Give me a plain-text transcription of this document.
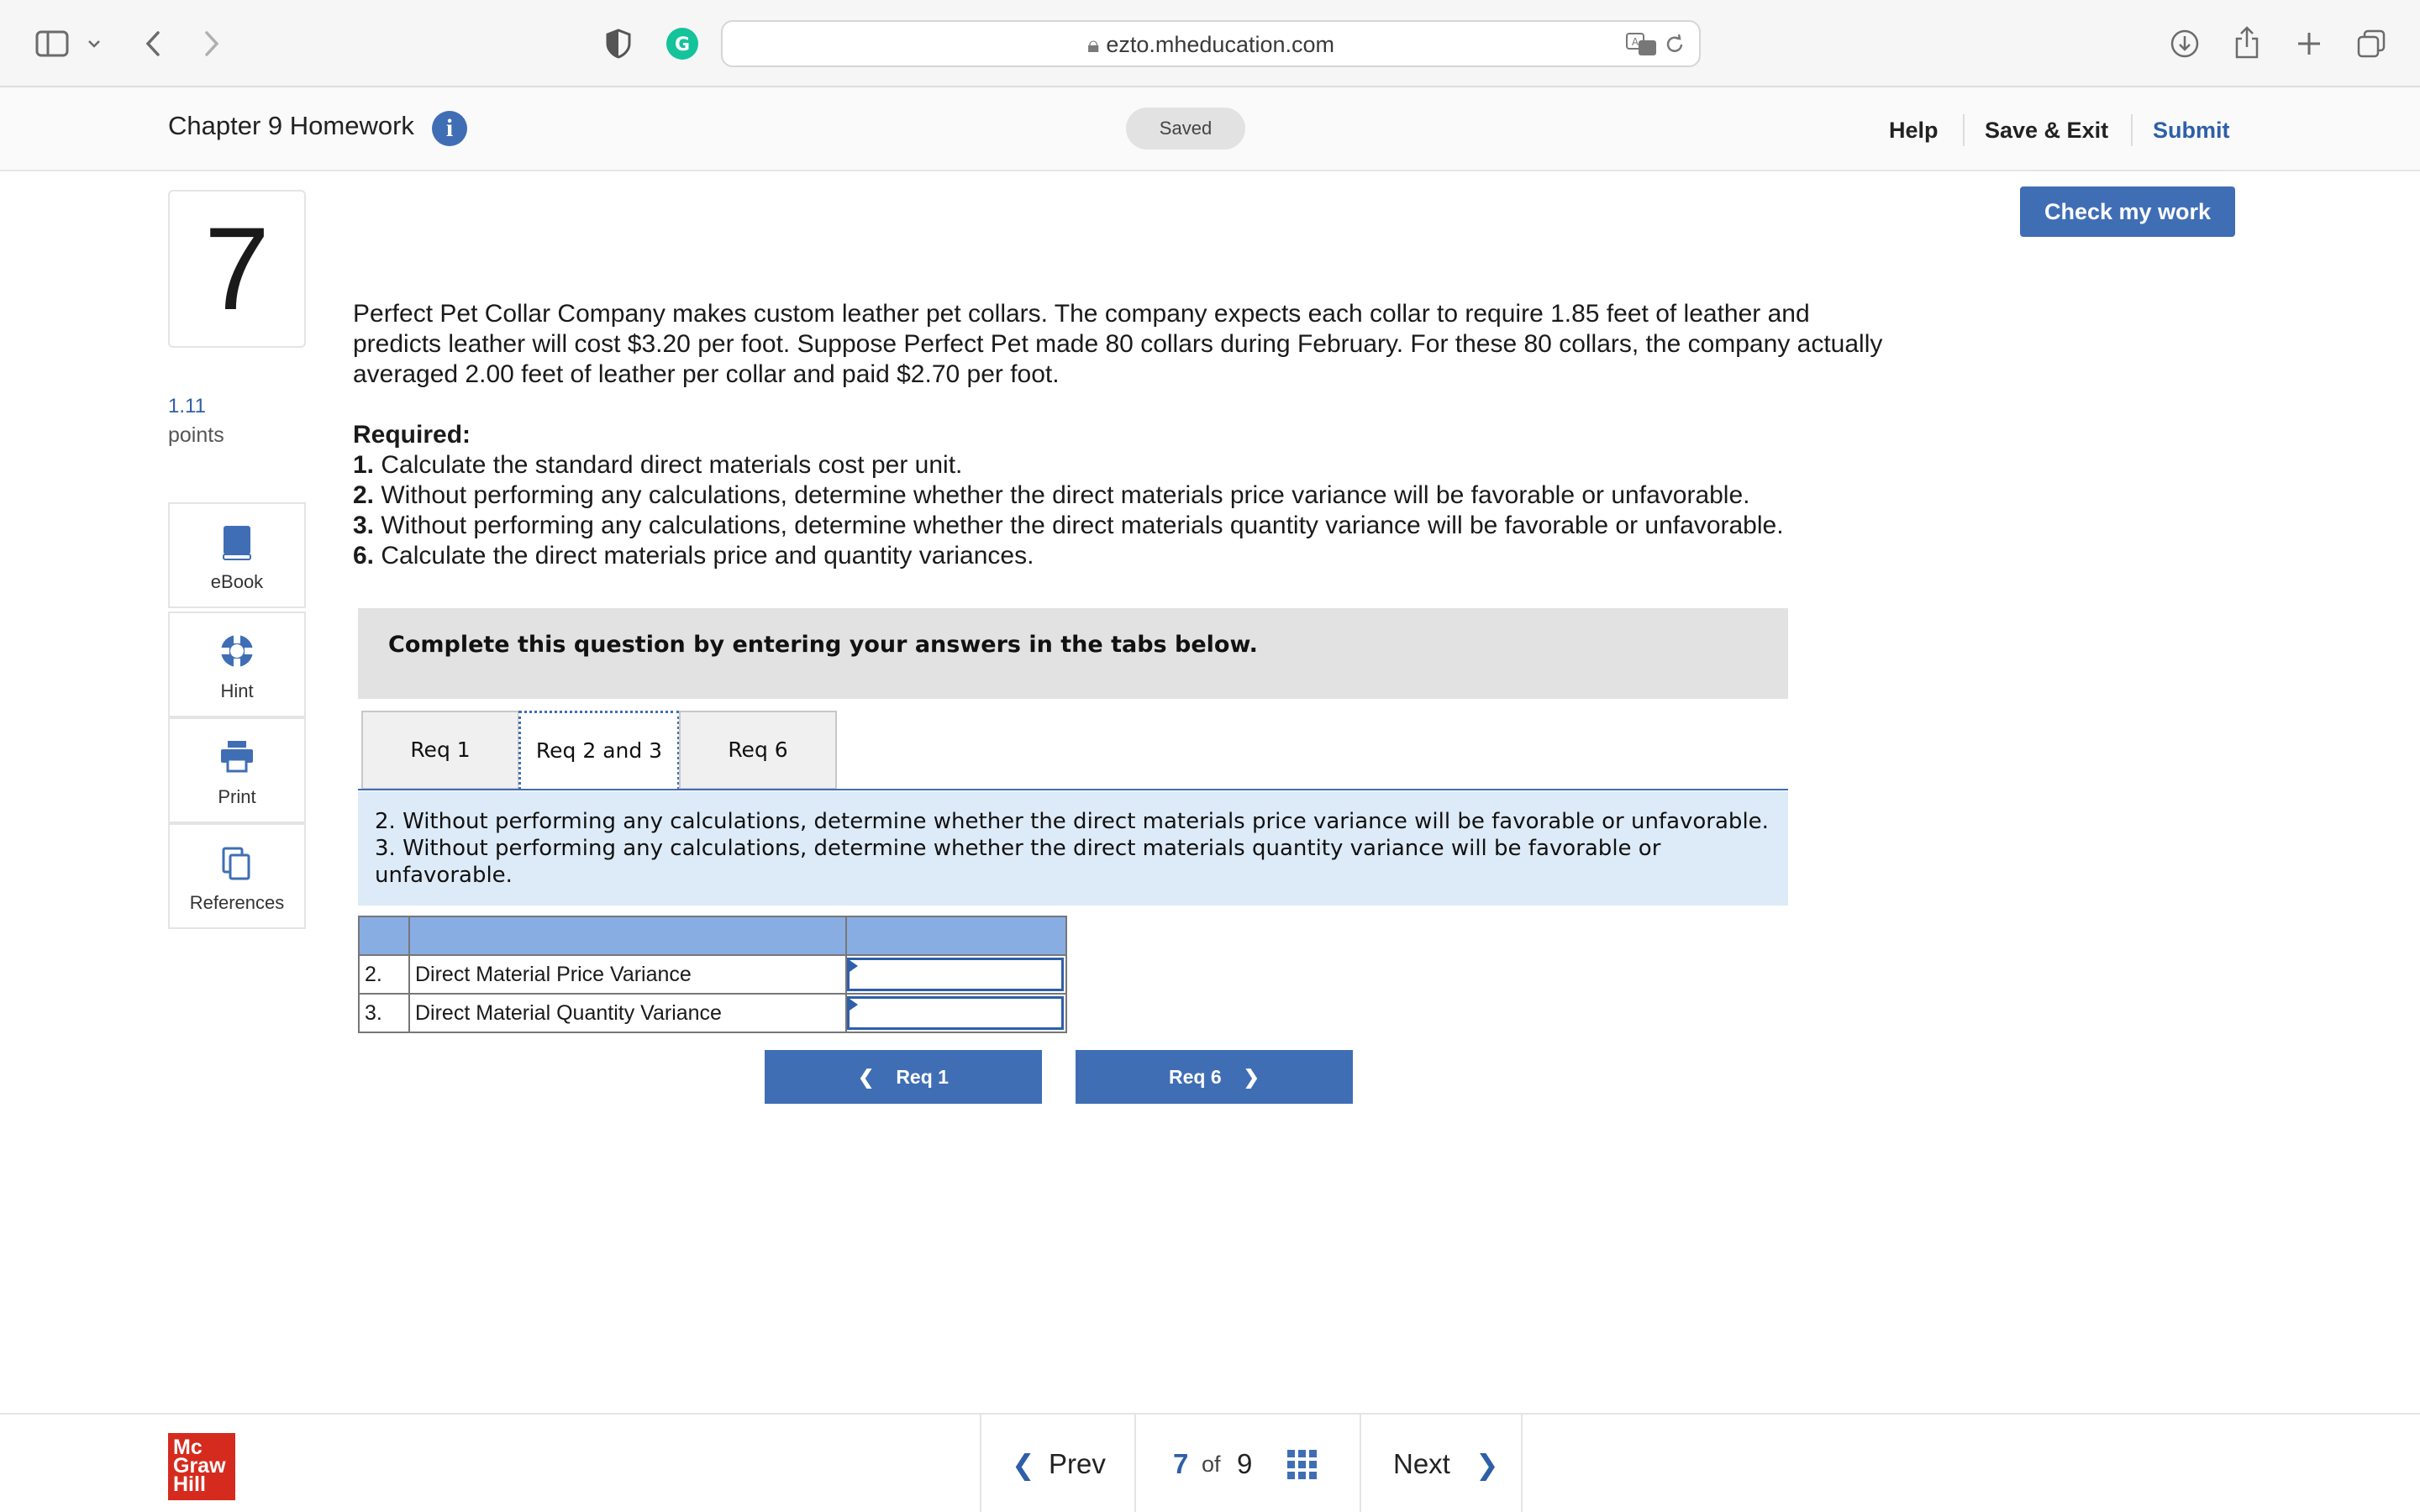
G	🔒︎ ezto.mheducation.com	A
Chapter 9 Homework	i	Saved	Help Save & Exit Submit
Check my work
7
1.11
points
eBook
Hint
Print
References
Perfect Pet Collar Company makes custom leather pet collars. The company expects each collar to require 1.85 feet of leather and predicts leather will cost $3.20 per foot. Suppose Perfect Pet made 80 collars during February. For these 80 collars, the company actually averaged 2.00 feet of leather per collar and paid $2.70 per foot.
Required:
1. Calculate the standard direct materials cost per unit.
2. Without performing any calculations, determine whether the direct materials price variance will be favorable or unfavorable.
3. Without performing any calculations, determine whether the direct materials quantity variance will be favorable or unfavorable.
6. Calculate the direct materials price and quantity variances.
Complete this question by entering your answers in the tabs below.
Req 1	Req 2 and 3	Req 6
2. Without performing any calculations, determine whether the direct materials price variance will be favorable or unfavorable.
3. Without performing any calculations, determine whether the direct materials quantity variance will be favorable or unfavorable.

2.	Direct Material Price Variance	

3.	Direct Material Quantity Variance	
❮ Req 1	Req 6 ❯
Mc
Graw
Hill
❮ Prev 7 of 9	Next ❯
